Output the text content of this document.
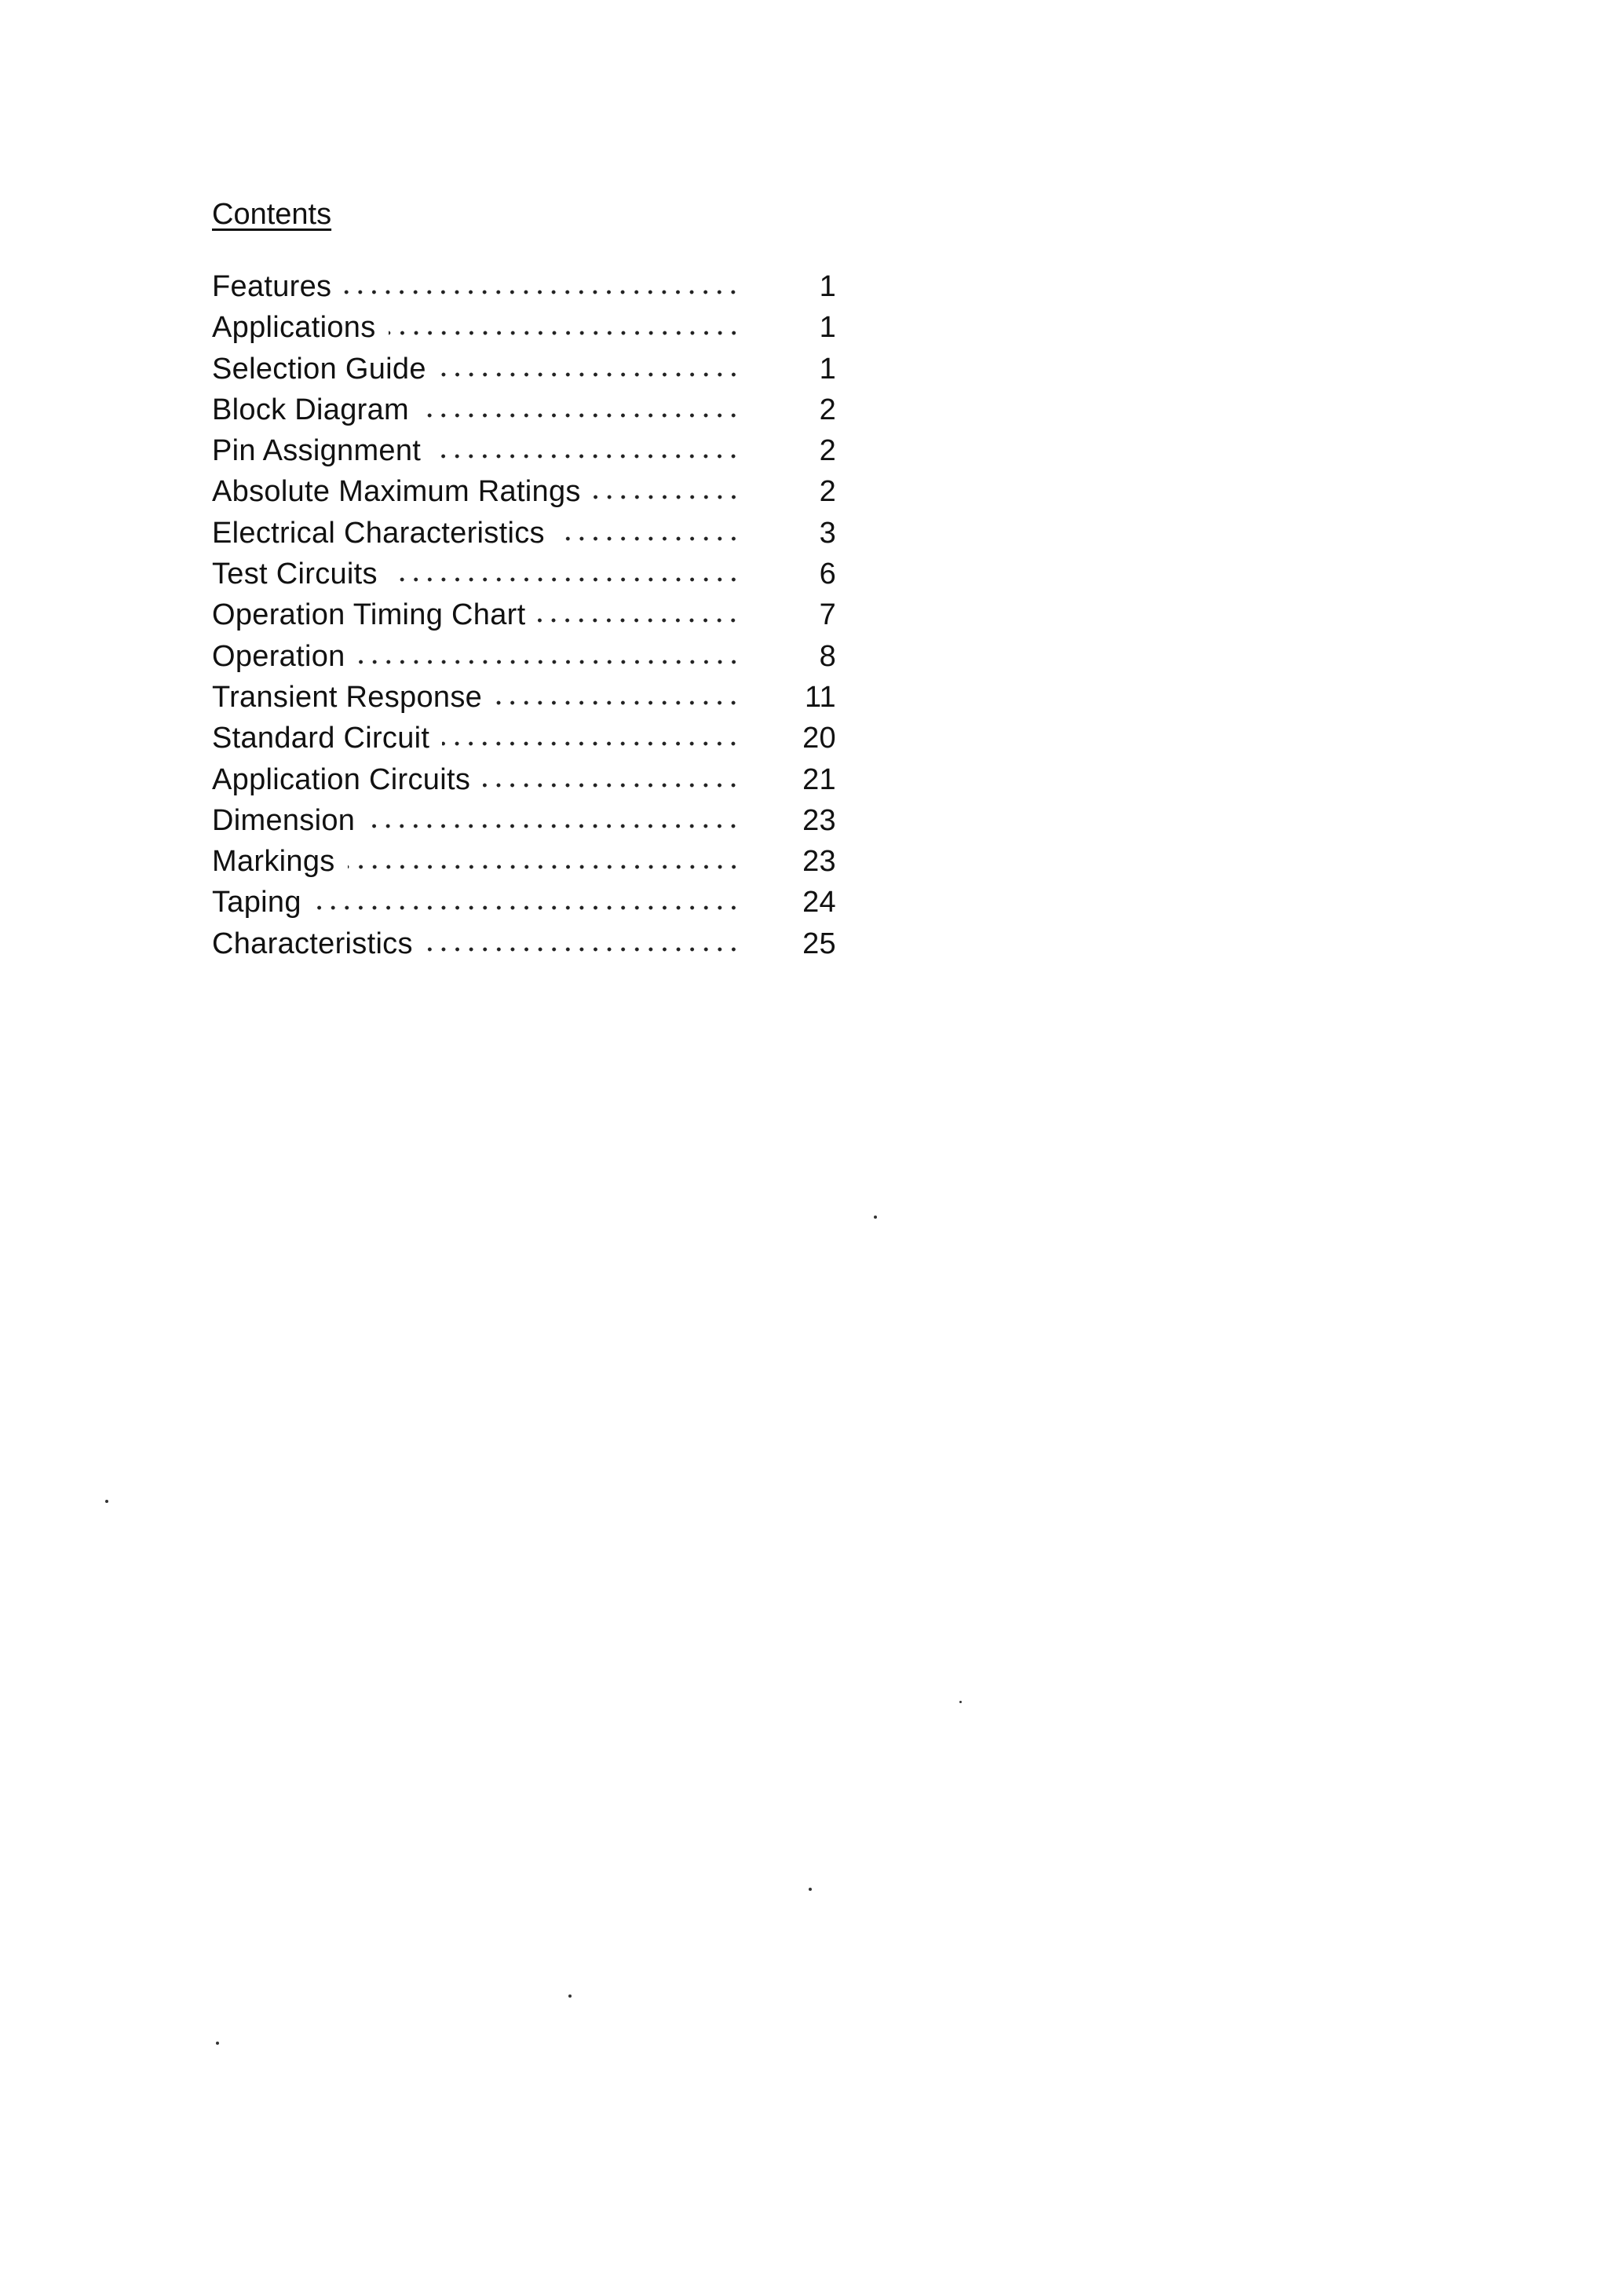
Contents
Features	1
Applications	1
Selection Guide	1
Block Diagram	2
Pin Assignment	2
Absolute Maximum Ratings	2
Electrical Characteristics	3
Test Circuits	6
Operation Timing Chart	7
Operation	8
Transient Response	11
Standard Circuit	20
Application Circuits	21
Dimension	23
Markings	23
Taping	24
Characteristics	25
